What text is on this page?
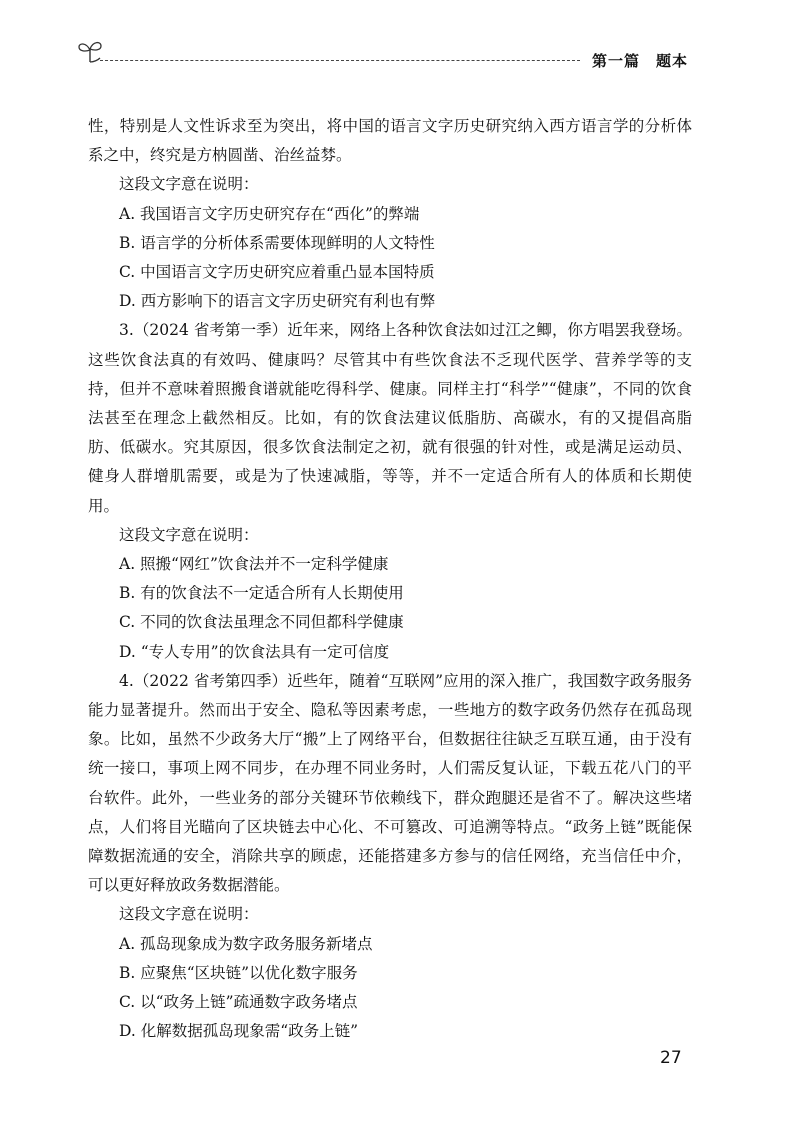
第一篇　题本

性，特别是人文性诉求至为突出，将中国的语言文字历史研究纳入西方语言学的分析体系之中，终究是方枘圆凿、治丝益棼。

这段文字意在说明：

A. 我国语言文字历史研究存在“西化”的弊端

B. 语言学的分析体系需要体现鲜明的人文特性

C. 中国语言文字历史研究应着重凸显本国特质

D. 西方影响下的语言文字历史研究有利也有弊

3.（2024 省考第一季）近年来，网络上各种饮食法如过江之鲫，你方唱罢我登场。这些饮食法真的有效吗、健康吗？尽管其中有些饮食法不乏现代医学、营养学等的支持，但并不意味着照搬食谱就能吃得科学、健康。同样主打“科学”“健康”，不同的饮食法甚至在理念上截然相反。比如，有的饮食法建议低脂肪、高碳水，有的又提倡高脂肪、低碳水。究其原因，很多饮食法制定之初，就有很强的针对性，或是满足运动员、健身人群增肌需要，或是为了快速减脂，等等，并不一定适合所有人的体质和长期使用。

这段文字意在说明：

A. 照搬“网红”饮食法并不一定科学健康

B. 有的饮食法不一定适合所有人长期使用

C. 不同的饮食法虽理念不同但都科学健康

D. “专人专用”的饮食法具有一定可信度

4.（2022 省考第四季）近些年，随着“互联网”应用的深入推广，我国数字政务服务能力显著提升。然而出于安全、隐私等因素考虑，一些地方的数字政务仍然存在孤岛现象。比如，虽然不少政务大厅“搬”上了网络平台，但数据往往缺乏互联互通，由于没有统一接口，事项上网不同步，在办理不同业务时，人们需反复认证，下载五花八门的平台软件。此外，一些业务的部分关键环节依赖线下，群众跑腿还是省不了。解决这些堵点，人们将目光瞄向了区块链去中心化、不可篡改、可追溯等特点。“政务上链”既能保障数据流通的安全，消除共享的顾虑，还能搭建多方参与的信任网络，充当信任中介，可以更好释放政务数据潜能。

这段文字意在说明：

A. 孤岛现象成为数字政务服务新堵点

B. 应聚焦“区块链”以优化数字服务

C. 以“政务上链”疏通数字政务堵点

D. 化解数据孤岛现象需“政务上链”

27
